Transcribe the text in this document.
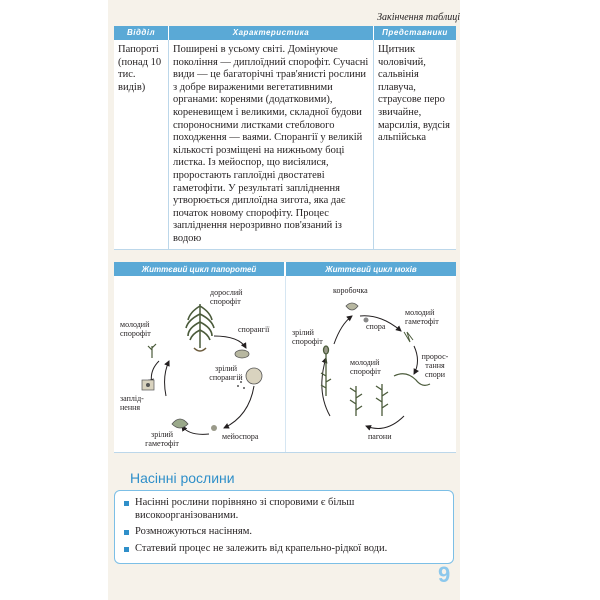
Закінчення таблиці
Відділ	Характеристика	Представники
Папороті (понад 10 тис. видів)	Поширені в усьому світі. Домінуюче покоління — диплоїдний спорофіт. Сучасні види — це багаторічні трав'янисті рослини з добре вираженими вегетативними органами: коренями (додатковими), кореневищем і великими, складної будови спороносними листками стеблового походження — ваями. Спорангії у великій кількості розміщені на нижньому боці листка. Із мейоспор, що висіялися, проростають гаплоїдні двостатеві гаметофіти. У результаті запліднення утворюється диплоїдна зигота, яка дає початок новому спорофіту. Процес запліднення нерозривно пов'язаний із водою	Щитник чоловічий, сальвінія плавуча, страусове перо звичайне, марсилія, вудсія альпійська
Життєвий цикл папоротей	Життєвий цикл мохів
дорослий спорофіт
спорангії
зрілий спорангій
мейоспора
зрілий гаметофіт
заплід-нення
молодий спорофіт
коробочка
спора
молодий гаметофіт
зрілий спорофіт
молодий спорофіт
пророс-тання спори
пагони
Насінні рослини
Насінні рослини порівняно зі споровими є більш високоорганізованими.
Розмножуються насінням.
Статевий процес не залежить від крапельно-рідкої води.
9
